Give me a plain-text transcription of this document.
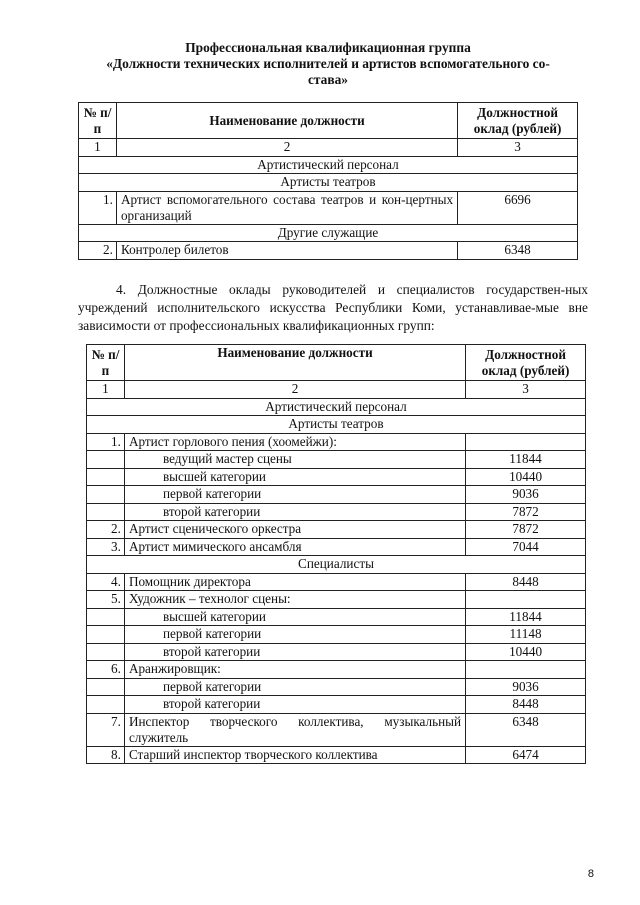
Профессиональная квалификационная группа
«Должности технических исполнителей и артистов вспомогательного со-
става»
№ п/п	Наименование должности	Должностной оклад (рублей)
1	2	3
Артистический персонал		
Артисты театров		
1.	Артист вспомогательного состава театров и кон-цертных организаций	6696
Другие служащие		
2.	Контролер билетов	6348
4. Должностные оклады руководителей и специалистов государствен-ных учреждений исполнительского искусства Республики Коми, устанавливае-мые вне зависимости от профессиональных квалификационных групп:
№ п/п	Наименование должности	Должностной оклад (рублей)
1	2	3
Артистический персонал		
Артисты театров		
1.	Артист горлового пения (хоомейжи):	
	ведущий мастер сцены	11844
	высшей категории	10440
	первой категории	9036
	второй категории	7872
2.	Артист сценического оркестра	7872
3.	Артист мимического ансамбля	7044
Специалисты		
4.	Помощник директора	8448
5.	Художник – технолог сцены:	
	высшей категории	11844
	первой категории	11148
	второй категории	10440
6.	Аранжировщик:	
	первой категории	9036
	второй категории	8448
7.	Инспектор творческого коллектива, музыкальный служитель	6348
8.	Старший инспектор творческого коллектива	6474
8
